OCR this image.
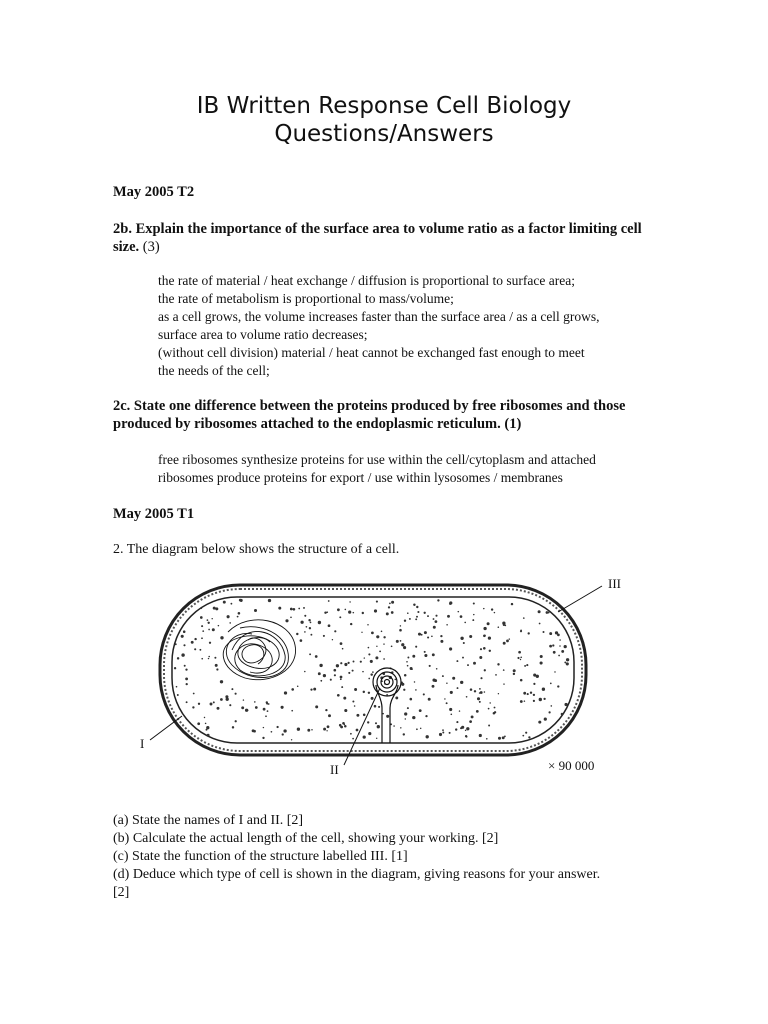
IB Written Response Cell Biology
Questions/Answers
May 2005 T2
2b. Explain the importance of the surface area to volume ratio as a factor limiting cell size. (3)
the rate of material / heat exchange / diffusion is proportional to surface area;
the rate of metabolism is proportional to mass/volume;
as a cell grows, the volume increases faster than the surface area / as a cell grows,
surface area to volume ratio decreases;
(without cell division) material / heat cannot be exchanged fast enough to meet
the needs of the cell;
2c. State one difference between the proteins produced by free ribosomes and those produced by ribosomes attached to the endoplasmic reticulum. (1)
free ribosomes synthesize proteins for use within the cell/cytoplasm and attached
ribosomes produce proteins for export / use within lysosomes / membranes
May 2005 T1
2. The diagram below shows the structure of a cell.
I
II
III
× 90 000
(a) State the names of I and II. [2]
(b) Calculate the actual length of the cell, showing your working. [2]
(c) State the function of the structure labelled III. [1]
(d) Deduce which type of cell is shown in the diagram, giving reasons for your answer.
[2]
